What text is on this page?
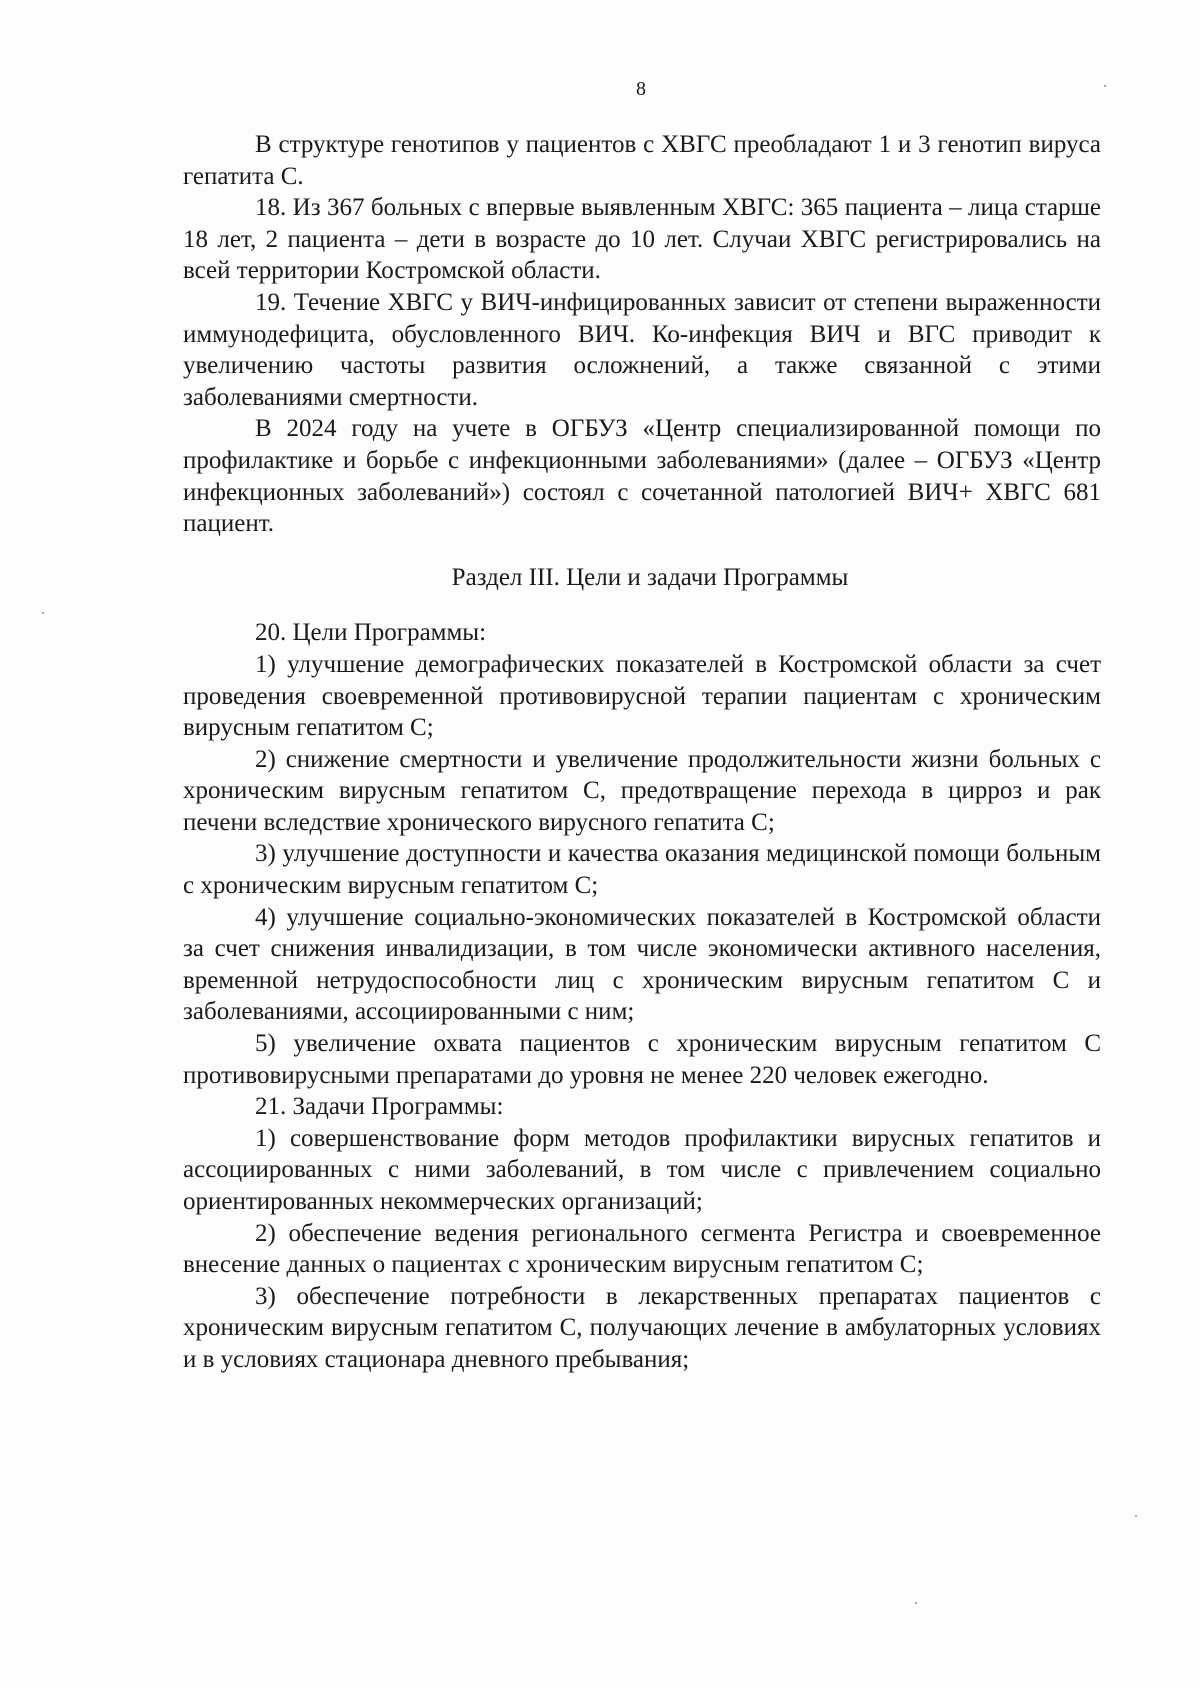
8

В структуре генотипов у пациентов с ХВГС преобладают 1 и 3 генотип вируса гепатита С.

18. Из 367 больных с впервые выявленным ХВГС: 365 пациента – лица старше 18 лет, 2 пациента – дети в возрасте до 10 лет. Случаи ХВГС регистрировались на всей территории Костромской области.

19. Течение ХВГС у ВИЧ-инфицированных зависит от степени выраженности иммунодефицита, обусловленного ВИЧ. Ко-инфекция ВИЧ и ВГС приводит к увеличению частоты развития осложнений, а также связанной с этими заболеваниями смертности.

В 2024 году на учете в ОГБУЗ «Центр специализированной помощи по профилактике и борьбе с инфекционными заболеваниями» (далее – ОГБУЗ «Центр инфекционных заболеваний») состоял с сочетанной патологией ВИЧ+ ХВГС 681 пациент.

Раздел III. Цели и задачи Программы

20. Цели Программы:

1) улучшение демографических показателей в Костромской области за счет проведения своевременной противовирусной терапии пациентам с хроническим вирусным гепатитом С;

2) снижение смертности и увеличение продолжительности жизни больных с хроническим вирусным гепатитом С, предотвращение перехода в цирроз и рак печени вследствие хронического вирусного гепатита С;

3) улучшение доступности и качества оказания медицинской помощи больным с хроническим вирусным гепатитом С;

4) улучшение социально-экономических показателей в Костромской области за счет снижения инвалидизации, в том числе экономически активного населения, временной нетрудоспособности лиц с хроническим вирусным гепатитом С и заболеваниями, ассоциированными с ним;

5) увеличение охвата пациентов с хроническим вирусным гепатитом С противовирусными препаратами до уровня не менее 220 человек ежегодно.

21. Задачи Программы:

1) совершенствование форм методов профилактики вирусных гепатитов и ассоциированных с ними заболеваний, в том числе с привлечением социально ориентированных некоммерческих организаций;

2) обеспечение ведения регионального сегмента Регистра и своевременное внесение данных о пациентах с хроническим вирусным гепатитом С;

3) обеспечение потребности в лекарственных препаратах пациентов с хроническим вирусным гепатитом С, получающих лечение в амбулаторных условиях и в условиях стационара дневного пребывания;
